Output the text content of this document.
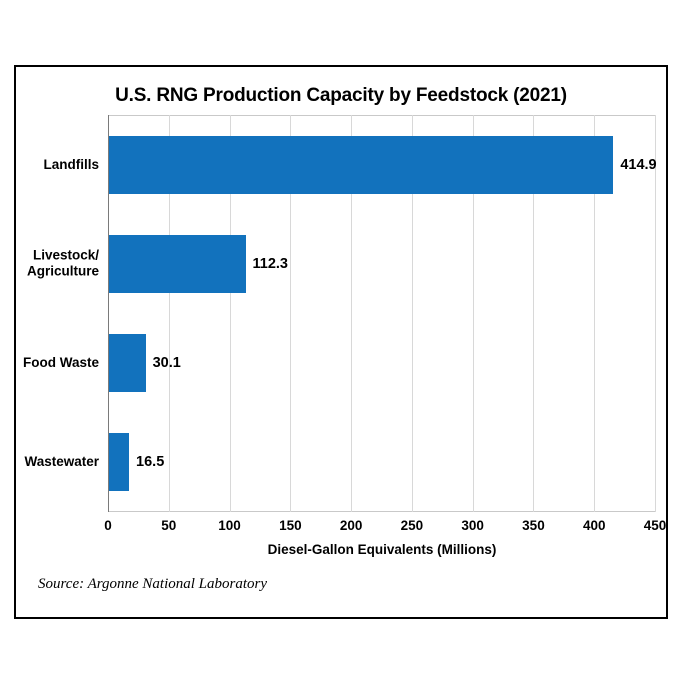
U.S. RNG Production Capacity by Feedstock (2021)
Landfills	414.9
Livestock/
Agriculture	112.3
Food Waste	30.1
Wastewater	16.5
0	50	100	150	200	250	300	350	400	450
Diesel-Gallon Equivalents (Millions)
Source: Argonne National Laboratory
